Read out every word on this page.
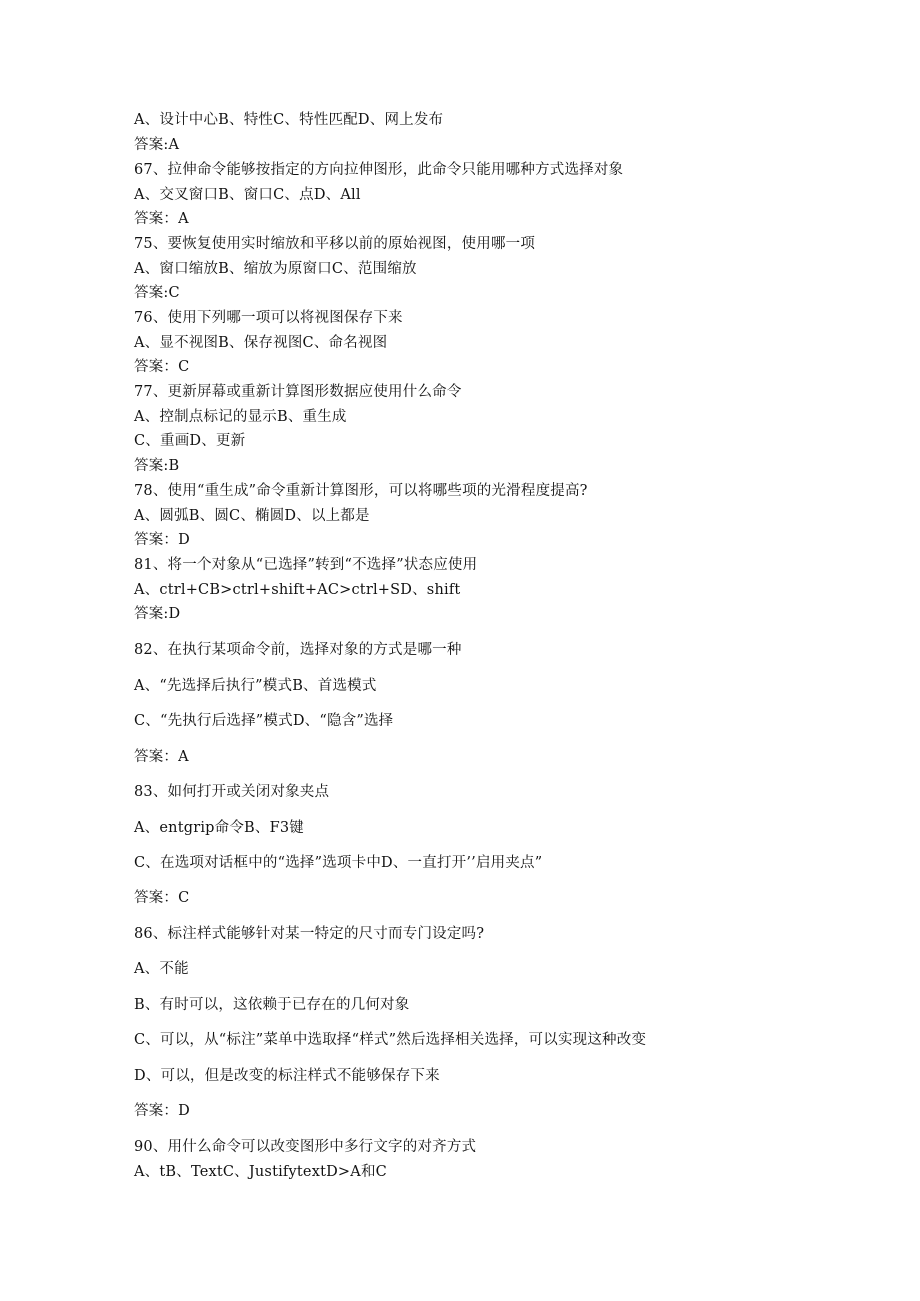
A、设计中心B、特性C、特性匹配D、网上发布
答案:A
67、拉伸命令能够按指定的方向拉伸图形，此命令只能用哪种方式选择对象
A、交叉窗口B、窗口C、点D、All
答案：A
75、要恢复使用实时缩放和平移以前的原始视图，使用哪一项
A、窗口缩放B、缩放为原窗口C、范围缩放
答案:C
76、使用下列哪一项可以将视图保存下来
A、显不视图B、保存视图C、命名视图
答案：C
77、更新屏幕或重新计算图形数据应使用什么命令
A、控制点标记的显示B、重生成
C、重画D、更新
答案:B
78、使用“重生成”命令重新计算图形，可以将哪些项的光滑程度提高?
A、圆弧B、圆C、椭圆D、以上都是
答案：D
81、将一个对象从“已选择”转到“不选择”状态应使用
A、ctrl+CB>ctrl+shift+AC>ctrl+SD、shift
答案:D
82、在执行某项命令前，选择对象的方式是哪一种
A、“先选择后执行”模式B、首选模式
C、“先执行后选择”模式D、“隐含”选择
答案：A
83、如何打开或关闭对象夹点
A、entgrip命令B、F3键
C、在选项对话框中的“选择”选项卡中D、一直打开’’启用夹点”
答案：C
86、标注样式能够针对某一特定的尺寸而专门设定吗?
A、不能
B、有时可以，这依赖于已存在的几何对象
C、可以，从“标注”菜单中选取择“样式”然后选择相关选择，可以实现这种改变
D、可以，但是改变的标注样式不能够保存下来
答案：D
90、用什么命令可以改变图形中多行文字的对齐方式
A、tB、TextC、JustifytextD>A和C
